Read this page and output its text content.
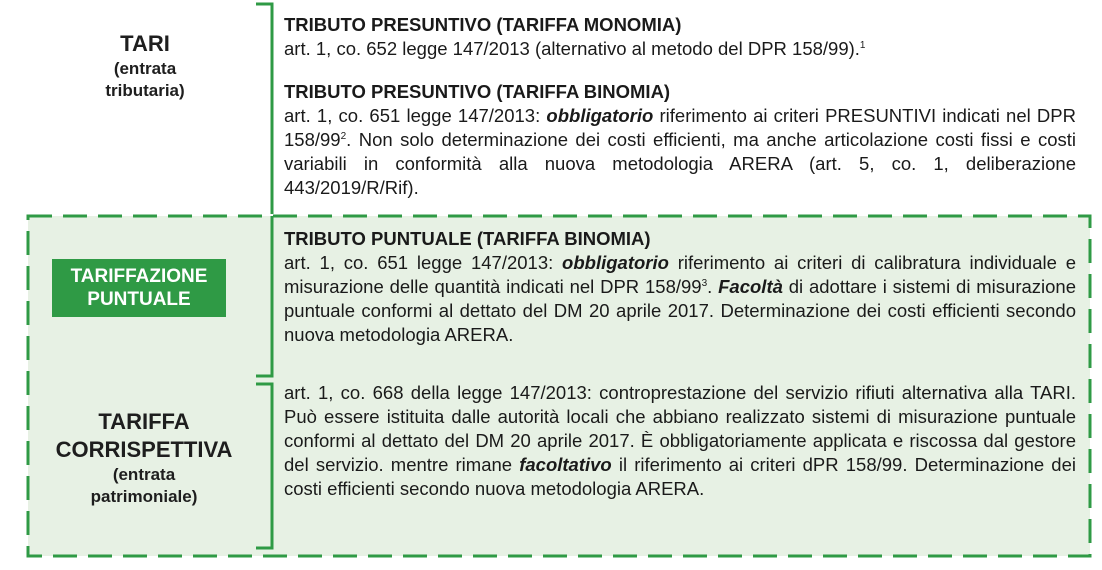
TARI
(entrata
tributaria)
TARIFFAZIONE
PUNTUALE
TARIFFA
CORRISPETTIVA
(entrata
patrimoniale)
TRIBUTO PRESUNTIVO (TARIFFA MONOMIA)
art. 1, co. 652 legge 147/2013 (alternativo al metodo del DPR 158/99).$^1$
TRIBUTO PRESUNTIVO (TARIFFA BINOMIA)
art. 1, co. 651 legge 147/2013: obbligatorio riferimento ai criteri PRESUNTIVI indicati nel DPR $158/99^2$. Non solo determinazione dei costi efficienti, ma anche articolazione costi fissi e costi variabili in conformità alla nuova metodologia ARERA (art. 5, co. 1, deliberazione 443/2019/R/Rif).
TRIBUTO PUNTUALE (TARIFFA BINOMIA)
art. 1, co. 651 legge 147/2013: obbligatorio riferimento ai criteri di calibratura individuale e misurazione delle quantità indicati nel DPR $158/99^3$. Facoltà di adottare i sistemi di misurazione puntuale conformi al dettato del DM 20 aprile 2017. Determinazione dei costi efficienti secondo nuova metodologia ARERA.
art. 1, co. 668 della legge 147/2013: controprestazione del servizio rifiuti alternativa alla TARI. Può essere istituita dalle autorità locali che abbiano realizzato sistemi di misurazione puntuale conformi al dettato del DM 20 aprile 2017. È obbligatoriamente applicata e riscossa dal gestore del servizio. mentre rimane facoltativo il riferimento ai criteri dPR 158/99. Determinazione dei costi efficienti secondo nuova metodologia ARERA.
